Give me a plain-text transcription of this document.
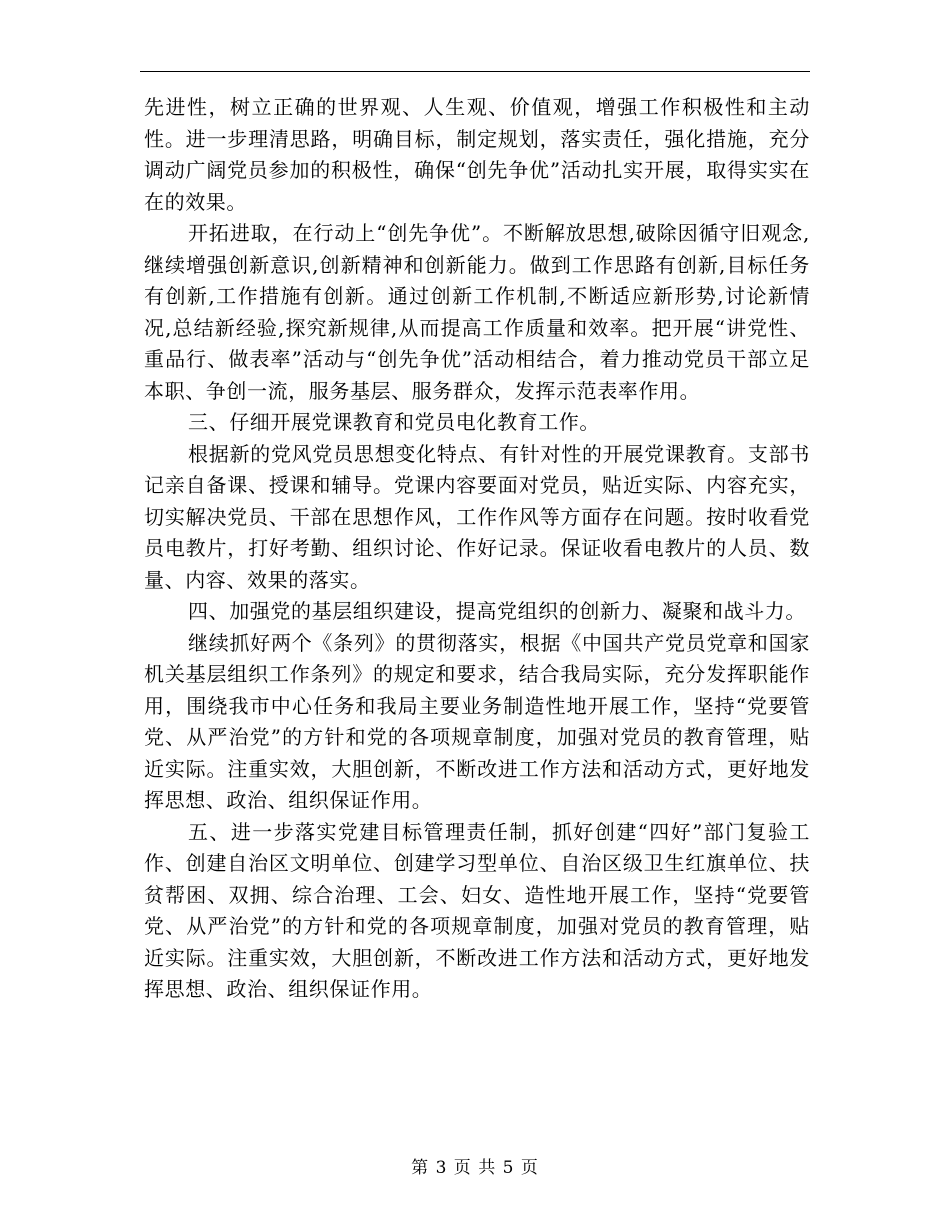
先进性，树立正确的世界观、人生观、价值观，增强工作积极性和主动性。进一步理清思路，明确目标，制定规划，落实责任，强化措施，充分调动广阔党员参加的积极性，确保“创先争优”活动扎实开展，取得实实在在的效果。

开拓进取，在行动上“创先争优”。不断解放思想,破除因循守旧观念,继续增强创新意识,创新精神和创新能力。做到工作思路有创新,目标任务有创新,工作措施有创新。通过创新工作机制,不断适应新形势,讨论新情况,总结新经验,探究新规律,从而提高工作质量和效率。把开展“讲党性、重品行、做表率”活动与“创先争优”活动相结合，着力推动党员干部立足本职、争创一流，服务基层、服务群众，发挥示范表率作用。

三、仔细开展党课教育和党员电化教育工作。

根据新的党风党员思想变化特点、有针对性的开展党课教育。支部书记亲自备课、授课和辅导。党课内容要面对党员，贴近实际、内容充实，切实解决党员、干部在思想作风，工作作风等方面存在问题。按时收看党员电教片，打好考勤、组织讨论、作好记录。保证收看电教片的人员、数量、内容、效果的落实。

四、加强党的基层组织建设，提高党组织的创新力、凝聚和战斗力。

继续抓好两个《条列》的贯彻落实，根据《中国共产党员党章和国家机关基层组织工作条列》的规定和要求，结合我局实际，充分发挥职能作用，围绕我市中心任务和我局主要业务制造性地开展工作，坚持“党要管党、从严治党”的方针和党的各项规章制度，加强对党员的教育管理，贴近实际。注重实效，大胆创新，不断改进工作方法和活动方式，更好地发挥思想、政治、组织保证作用。

五、进一步落实党建目标管理责任制，抓好创建“四好”部门复验工作、创建自治区文明单位、创建学习型单位、自治区级卫生红旗单位、扶贫帮困、双拥、综合治理、工会、妇女、造性地开展工作，坚持“党要管党、从严治党”的方针和党的各项规章制度，加强对党员的教育管理，贴近实际。注重实效，大胆创新，不断改进工作方法和活动方式，更好地发挥思想、政治、组织保证作用。

第 3 页 共 5 页
